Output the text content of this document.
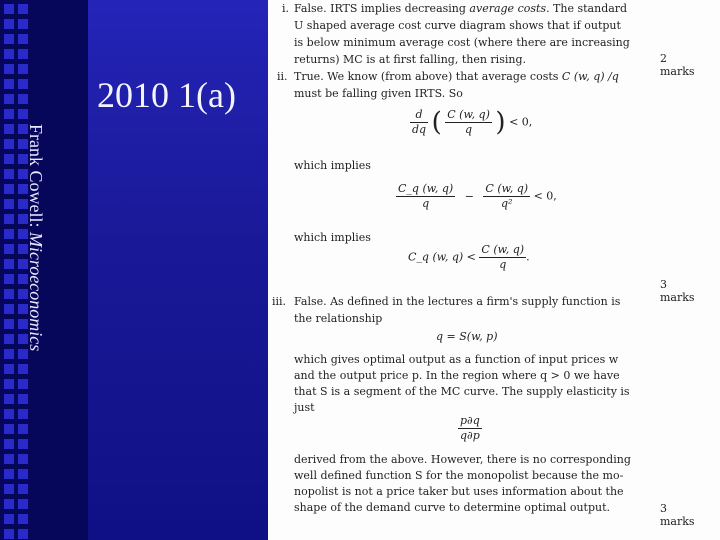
2010 1(a)
Frank Cowell: Microeconomics
i. False. IRTS implies decreasing average costs. The standard
U shaped average cost curve diagram shows that if output
is below minimum average cost (where there are increasing
returns) MC is at first falling, then rising.	2
marks
ii. True. We know (from above) that average costs C (w, q) /q
must be falling given IRTS. So
$\frac{d}{dq}$ ( $\frac{C (w, q)}{q}$ ) < 0,
which implies
$\frac{C\_q (w, q)}{q} - \frac{C (w, q)}{\text{q²}} < 0$,
which implies
C_q (w, $q) < \frac{C (w, q)}{q}$ .
3
marks
iii. False. As defined in the lectures a firm's supply function is
the relationship
q = S(w, p)
which gives optimal output as a function of input prices w
and the output price p. In the region where q > 0 we have
that S is a segment of the MC curve. The supply elasticity is
just
$\frac{p\partial q}{q\partial p}$
derived from the above. However, there is no corresponding
well defined function S for the monopolist because the mo-
nopolist is not a price taker but uses information about the
shape of the demand curve to determine optimal output.	3
marks
